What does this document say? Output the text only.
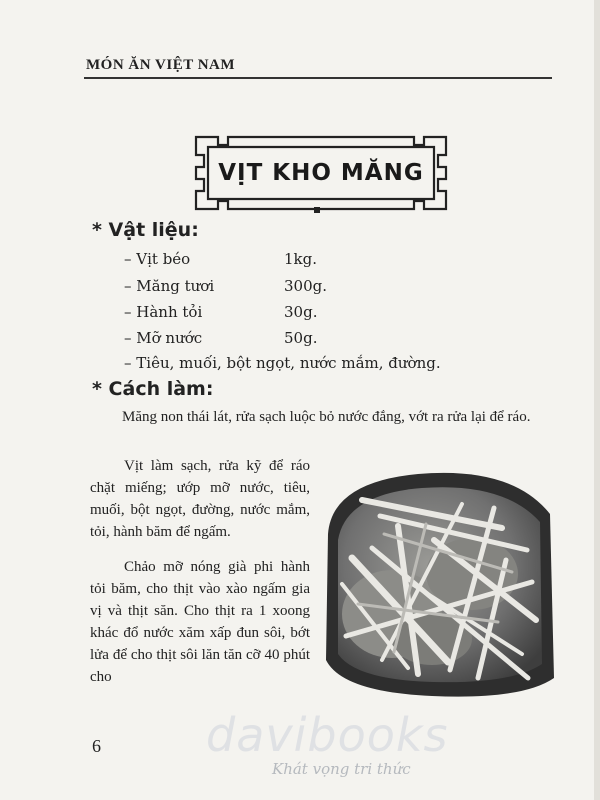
MÓN ĂN VIỆT NAM
VỊT KHO MĂNG
* Vật liệu:
– Vịt béo	1kg.
– Măng tươi	300g.
– Hành tỏi	30g.
– Mỡ nước	50g.
– Tiêu, muối, bột ngọt, nước mắm, đường.
* Cách làm:
Măng non thái lát, rửa sạch luộc bỏ nước đắng, vớt ra rửa lại để ráo.
Vịt làm sạch, rửa kỹ để ráo chặt miếng; ướp mỡ nước, tiêu, muối, bột ngọt, đường, nước mắm, tỏi, hành băm để ngấm.
Chảo mỡ nóng già phi hành tỏi băm, cho thịt vào xào ngấm gia vị và thịt săn. Cho thịt ra 1 xoong khác đổ nước xăm xấp đun sôi, bớt lửa để cho thịt sôi lăn tăn cỡ 40 phút cho
6 davibooks
Khát vọng tri thức
